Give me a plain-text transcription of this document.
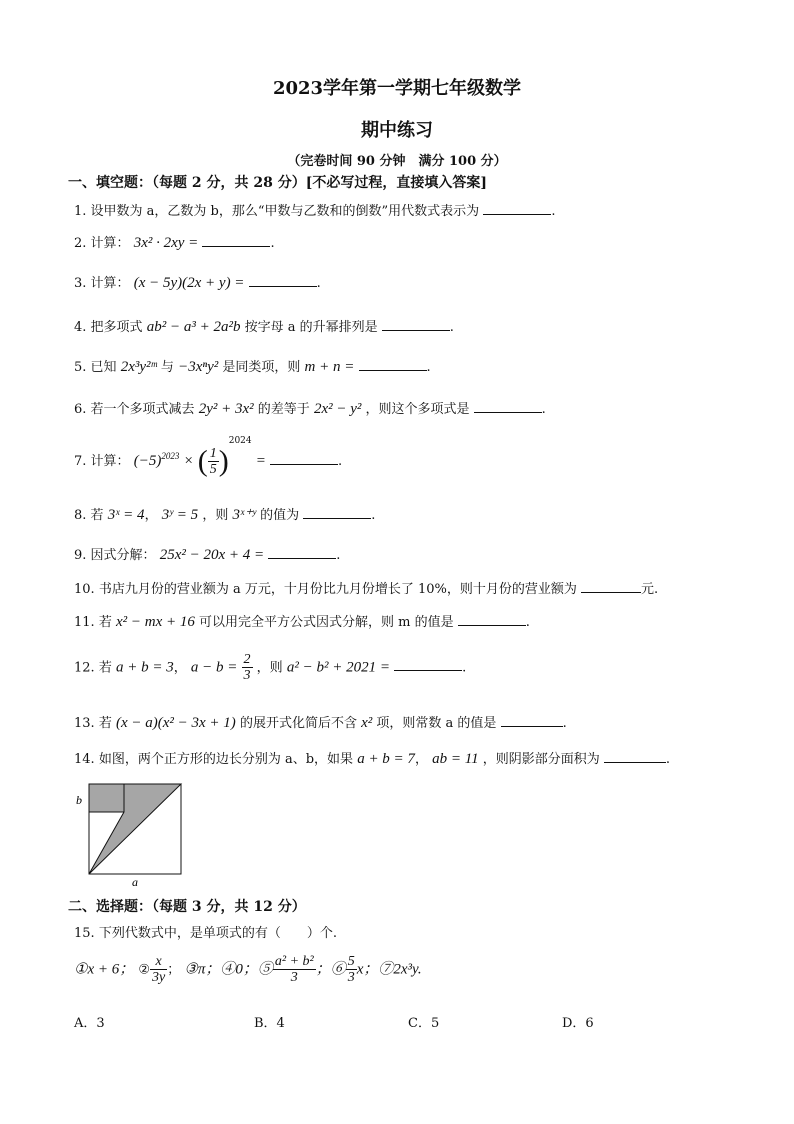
2023学年第一学期七年级数学
期中练习
（完卷时间 90 分钟　满分 100 分）
一、填空题：（每题 2 分，共 28 分）[不必写过程，直接填入答案]
1. 设甲数为 a，乙数为 b，那么“甲数与乙数和的倒数”用代数式表示为	.
2. 计算： 3x² · 2xy =	.
3. 计算： (x − 5y)(2x + y) =	.
4. 把多项式 ab² − a³ + 2a²b 按字母 a 的升幂排列是	.
5. 已知 2x³y²ᵐ 与 −3xⁿy² 是同类项，则 m + n =	.
6. 若一个多项式减去 2y² + 3x² 的差等于 2x² − y² ，则这个多项式是	.
7. 计算： $(-5)^{2023}$ × ( $\frac{1}{5} )^{2024}$ =	.
8. 若 3ˣ = 4， 3ʸ = 5 ，则 3ˣ⁺ʸ 的值为	.
9. 因式分解： 25x² − 20x + 4 =	.
10. 书店九月份的营业额为 a 万元，十月份比九月份增长了 10%，则十月份的营业额为	元.
11. 若 x² − mx + 16 可以用完全平方公式因式分解，则 m 的值是	.
12. 若 a + b = 3， $a - b = \frac{2}{3}$ ，则 a² − b² + 2021 =	.
13. 若 (x − a)(x² − 3x + 1) 的展开式化简后不含 x² 项，则常数 a 的值是	.
14. 如图，两个正方形的边长分别为 a、b，如果 a + b = 7， ab = 11 ，则阴影部分面积为	.
b
a
二、选择题：（每题 3 分，共 12 分）
15. 下列代数式中，是单项式的有（　　）个.
①x + 6； ② $\frac{x}{3y}$ ； ③π；④0；⑤ $\frac{\text{a² + b²}}{3}$ ；⑥ $\frac{5}{3}$ x；⑦2x³y.
A．3	B．4	C．5	D．6
